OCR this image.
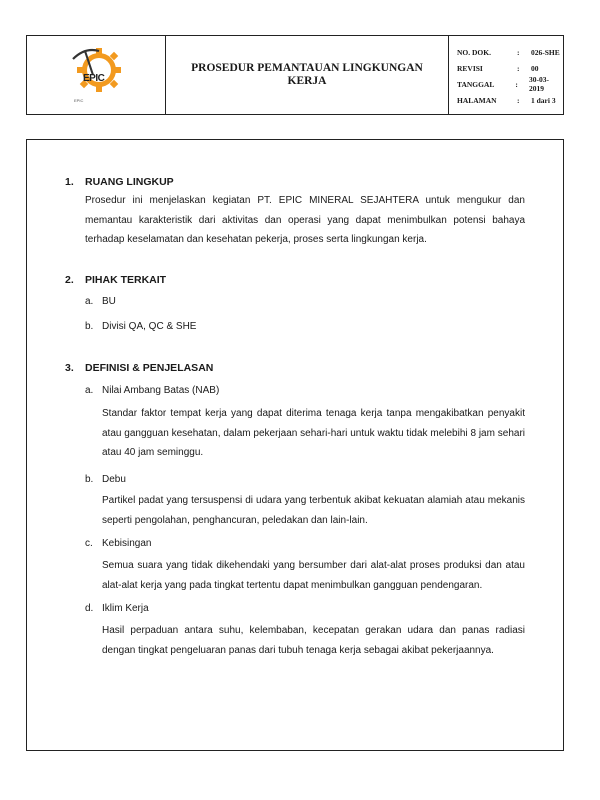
EPIC
EPIC
PROSEDUR PEMANTAUAN LINGKUNGAN KERJA
NO. DOK.	:	026-SHE
REVISI	:	00
TANGGAL	:	30-03-2019
HALAMAN	:	1 dari 3
1. RUANG LINGKUP
Prosedur ini menjelaskan kegiatan PT. EPIC MINERAL SEJAHTERA untuk mengukur dan memantau karakteristik dari aktivitas dan operasi yang dapat menimbulkan potensi bahaya terhadap keselamatan dan kesehatan pekerja, proses serta lingkungan kerja.
2. PIHAK TERKAIT
a. BU
b. Divisi QA, QC & SHE
3. DEFINISI & PENJELASAN
a. Nilai Ambang Batas (NAB)
Standar faktor tempat kerja yang dapat diterima tenaga kerja tanpa mengakibatkan penyakit atau gangguan kesehatan, dalam pekerjaan sehari-hari untuk waktu tidak melebihi 8 jam sehari atau 40 jam seminggu.
b. Debu
Partikel padat yang tersuspensi di udara yang terbentuk akibat kekuatan alamiah atau mekanis seperti pengolahan, penghancuran, peledakan dan lain-lain.
c. Kebisingan
Semua suara yang tidak dikehendaki yang bersumber dari alat-alat proses produksi dan atau alat-alat kerja yang pada tingkat tertentu dapat menimbulkan gangguan pendengaran.
d. Iklim Kerja
Hasil perpaduan antara suhu, kelembaban, kecepatan gerakan udara dan panas radiasi dengan tingkat pengeluaran panas dari tubuh tenaga kerja sebagai akibat pekerjaannya.
